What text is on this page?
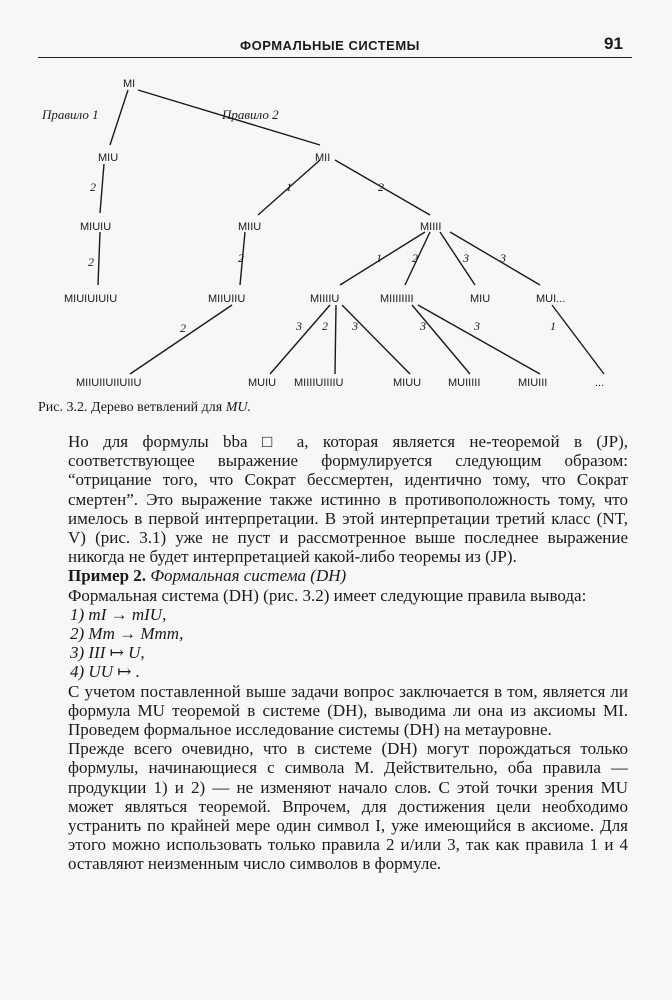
ФОРМАЛЬНЫЕ СИСТЕМЫ	91
MI
MIU	MII
MIUIU	MIIU	MIIII
MIUIUIUIU	MIIUIIU	MIIIIU	MIIIIIIII	MIU	MUI...
MIIUIIUIIUIIU	MUIU MIIIIUIIIIU	MIUU MUIIIII	MIUIII	...
Правило 1	Правило 2
2
2
1	2
2	1	2	3	3
2	3 2 3	3	3	1
Рис. 3.2. Дерево ветвлений для MU.

Но для формулы bba □ a, которая является не-теоремой в (JP), соответствующее выражение формулируется следующим образом: “отрицание того, что Сократ бессмертен, идентично тому, что Сократ смертен”. Это выражение также истинно в противоположность тому, что имелось в первой интерпретации. В этой интерпретации третий класс (NT, V) (рис. 3.1) уже не пуст и рассмотренное выше последнее выражение никогда не будет интерпретацией какой-либо теоремы из (JP).

Пример 2. Формальная система (DH)

Формальная система (DH) (рис. 3.2) имеет следующие правила вывода:

1) mI → mIU,
2) Mm → Mmm,
3) III ↦ U,
4) UU ↦ .

С учетом поставленной выше задачи вопрос заключается в том, является ли формула MU теоремой в системе (DH), выводима ли она из аксиомы MI. Проведем формальное исследование системы (DH) на метауровне.

Прежде всего очевидно, что в системе (DH) могут порождаться только формулы, начинающиеся с символа M. Действительно, оба правила — продукции 1) и 2) — не изменяют начало слов. С этой точки зрения MU может являться теоремой. Впрочем, для достижения цели необходимо устранить по крайней мере один символ I, уже имеющийся в аксиоме. Для этого можно использовать только правила 2 и/или 3, так как правила 1 и 4 оставляют неизменным число символов в формуле.
